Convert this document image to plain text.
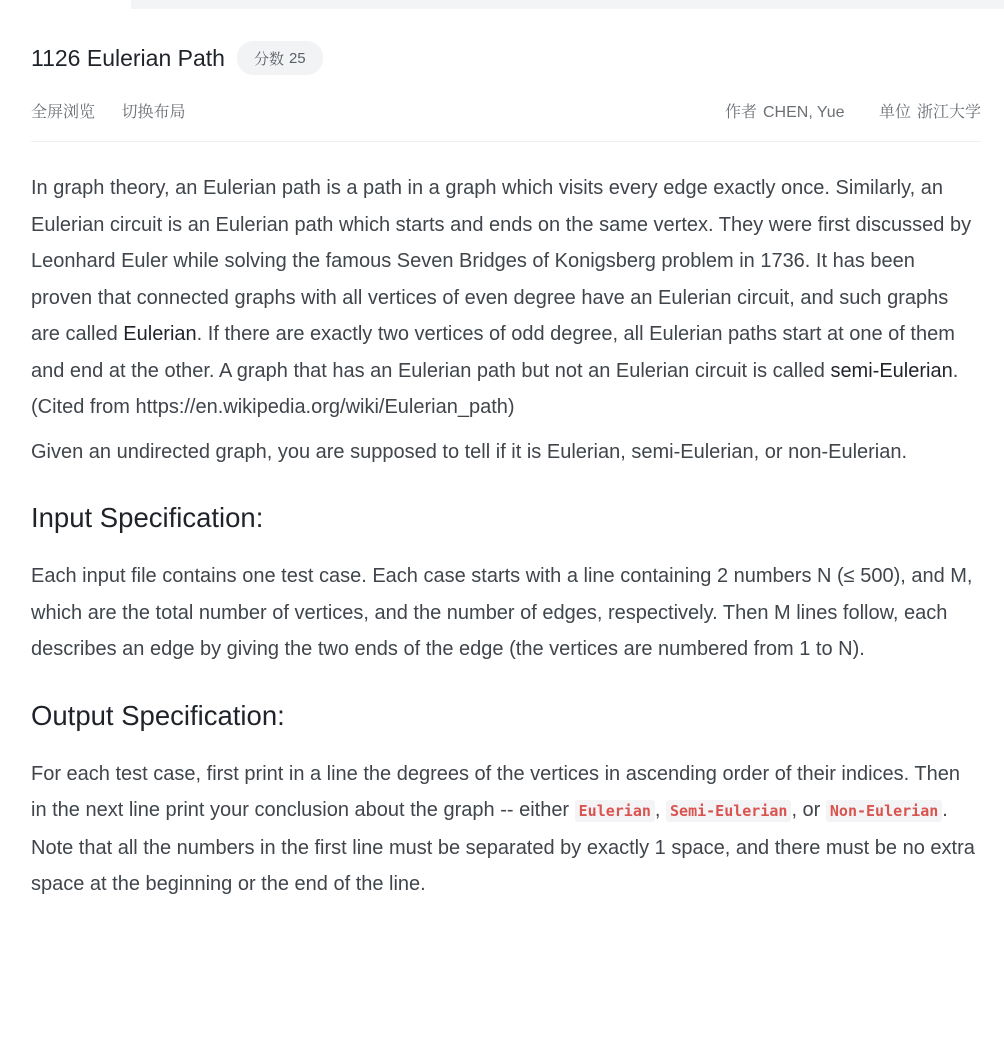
1126 Eulerian Path 分数 25
全屏浏览 切换布局	作者 CHEN, Yue 单位 浙江大学

In graph theory, an Eulerian path is a path in a graph which visits every edge exactly once. Similarly, an Eulerian circuit is an Eulerian path which starts and ends on the same vertex. They were first discussed by Leonhard Euler while solving the famous Seven Bridges of Konigsberg problem in 1736. It has been proven that connected graphs with all vertices of even degree have an Eulerian circuit, and such graphs are called Eulerian. If there are exactly two vertices of odd degree, all Eulerian paths start at one of them and end at the other. A graph that has an Eulerian path but not an Eulerian circuit is called semi-Eulerian. (Cited from https://en.wikipedia.org/wiki/Eulerian_path)

Given an undirected graph, you are supposed to tell if it is Eulerian, semi-Eulerian, or non-Eulerian.

Input Specification:

Each input file contains one test case. Each case starts with a line containing 2 numbers N (≤ 500), and M, which are the total number of vertices, and the number of edges, respectively. Then M lines follow, each describes an edge by giving the two ends of the edge (the vertices are numbered from 1 to N).

Output Specification:

For each test case, first print in a line the degrees of the vertices in ascending order of their indices. Then in the next line print your conclusion about the graph -- either Eulerian , Semi-Eulerian , or Non-Eulerian . Note that all the numbers in the first line must be separated by exactly 1 space, and there must be no extra space at the beginning or the end of the line.
